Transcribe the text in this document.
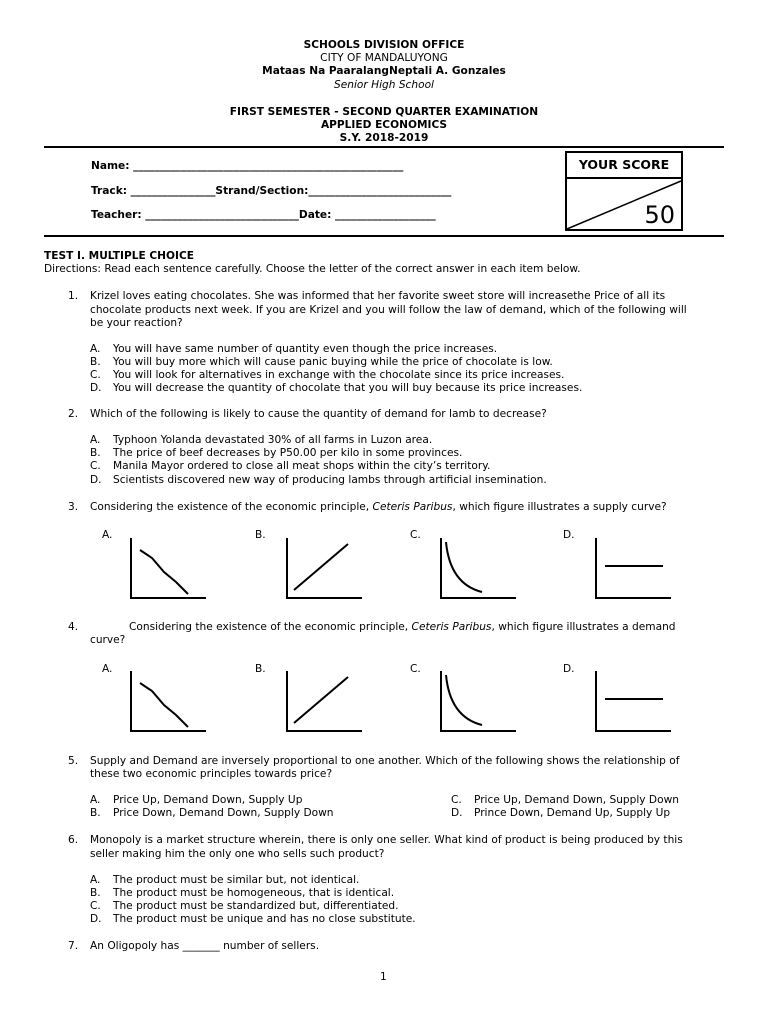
SCHOOLS DIVISION OFFICE
CITY OF MANDALUYONG
Mataas Na PaaralangNeptali A. Gonzales
Senior High School
FIRST SEMESTER - SECOND QUARTER EXAMINATION
APPLIED ECONOMICS
S.Y. 2018-2019
Name: ___________________________________________________
Track: ________________Strand/Section:___________________________
Teacher: _____________________________Date: ___________________
YOUR SCORE
50
TEST I. MULTIPLE CHOICE
Directions: Read each sentence carefully. Choose the letter of the correct answer in each item below.
1. Krizel loves eating chocolates. She was informed that her favorite sweet store will increasethe Price of all its
chocolate products next week. If you are Krizel and you will follow the law of demand, which of the following will
be your reaction?
A. You will have same number of quantity even though the price increases.
B. You will buy more which will cause panic buying while the price of chocolate is low.
C. You will look for alternatives in exchange with the chocolate since its price increases.
D. You will decrease the quantity of chocolate that you will buy because its price increases.
2. Which of the following is likely to cause the quantity of demand for lamb to decrease?
A. Typhoon Yolanda devastated 30% of all farms in Luzon area.
B. The price of beef decreases by P50.00 per kilo in some provinces.
C. Manila Mayor ordered to close all meat shops within the city’s territory.
D. Scientists discovered new way of producing lambs through artificial insemination.
3. Considering the existence of the economic principle, Ceteris Paribus, which figure illustrates a supply curve?
A.	B.	C.	D.
4.	Considering the existence of the economic principle, Ceteris Paribus, which figure illustrates a demand
curve?
A.	B.	C.	D.
5. Supply and Demand are inversely proportional to one another. Which of the following shows the relationship of
these two economic principles towards price?
A. Price Up, Demand Down, Supply Up
B. Price Down, Demand Down, Supply Down
C. Price Up, Demand Down, Supply Down
D. Prince Down, Demand Up, Supply Up
6. Monopoly is a market structure wherein, there is only one seller. What kind of product is being produced by this
seller making him the only one who sells such product?
A. The product must be similar but, not identical.
B. The product must be homogeneous, that is identical.
C. The product must be standardized but, differentiated.
D. The product must be unique and has no close substitute.
7. An Oligopoly has _______ number of sellers.
1
